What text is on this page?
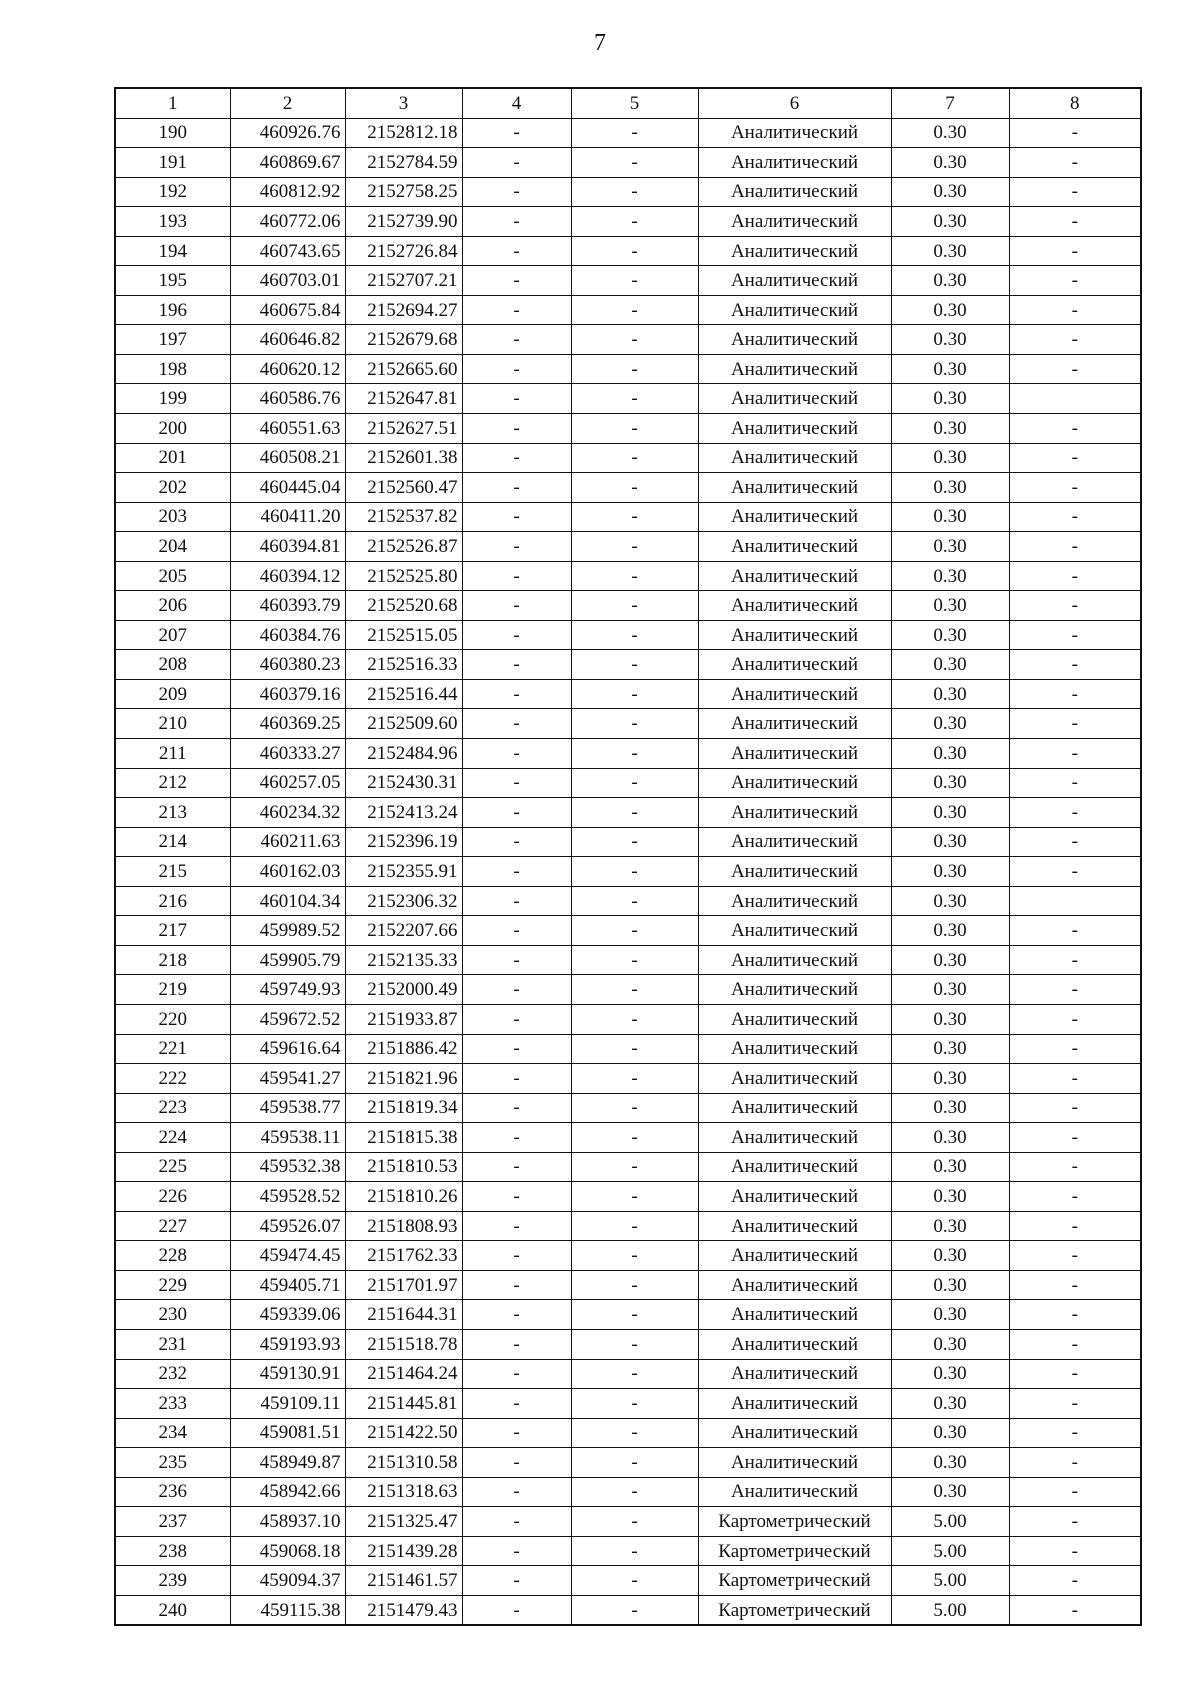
7
1	2	3	4	5	6	7	8
190	460926.76	2152812.18	-	-	Аналитический	0.30	-
191	460869.67	2152784.59	-	-	Аналитический	0.30	-
192	460812.92	2152758.25	-	-	Аналитический	0.30	-
193	460772.06	2152739.90	-	-	Аналитический	0.30	-
194	460743.65	2152726.84	-	-	Аналитический	0.30	-
195	460703.01	2152707.21	-	-	Аналитический	0.30	-
196	460675.84	2152694.27	-	-	Аналитический	0.30	-
197	460646.82	2152679.68	-	-	Аналитический	0.30	-
198	460620.12	2152665.60	-	-	Аналитический	0.30	-
199	460586.76	2152647.81	-	-	Аналитический	0.30	
200	460551.63	2152627.51	-	-	Аналитический	0.30	-
201	460508.21	2152601.38	-	-	Аналитический	0.30	-
202	460445.04	2152560.47	-	-	Аналитический	0.30	-
203	460411.20	2152537.82	-	-	Аналитический	0.30	-
204	460394.81	2152526.87	-	-	Аналитический	0.30	-
205	460394.12	2152525.80	-	-	Аналитический	0.30	-
206	460393.79	2152520.68	-	-	Аналитический	0.30	-
207	460384.76	2152515.05	-	-	Аналитический	0.30	-
208	460380.23	2152516.33	-	-	Аналитический	0.30	-
209	460379.16	2152516.44	-	-	Аналитический	0.30	-
210	460369.25	2152509.60	-	-	Аналитический	0.30	-
211	460333.27	2152484.96	-	-	Аналитический	0.30	-
212	460257.05	2152430.31	-	-	Аналитический	0.30	-
213	460234.32	2152413.24	-	-	Аналитический	0.30	-
214	460211.63	2152396.19	-	-	Аналитический	0.30	-
215	460162.03	2152355.91	-	-	Аналитический	0.30	-
216	460104.34	2152306.32	-	-	Аналитический	0.30	
217	459989.52	2152207.66	-	-	Аналитический	0.30	-
218	459905.79	2152135.33	-	-	Аналитический	0.30	-
219	459749.93	2152000.49	-	-	Аналитический	0.30	-
220	459672.52	2151933.87	-	-	Аналитический	0.30	-
221	459616.64	2151886.42	-	-	Аналитический	0.30	-
222	459541.27	2151821.96	-	-	Аналитический	0.30	-
223	459538.77	2151819.34	-	-	Аналитический	0.30	-
224	459538.11	2151815.38	-	-	Аналитический	0.30	-
225	459532.38	2151810.53	-	-	Аналитический	0.30	-
226	459528.52	2151810.26	-	-	Аналитический	0.30	-
227	459526.07	2151808.93	-	-	Аналитический	0.30	-
228	459474.45	2151762.33	-	-	Аналитический	0.30	-
229	459405.71	2151701.97	-	-	Аналитический	0.30	-
230	459339.06	2151644.31	-	-	Аналитический	0.30	-
231	459193.93	2151518.78	-	-	Аналитический	0.30	-
232	459130.91	2151464.24	-	-	Аналитический	0.30	-
233	459109.11	2151445.81	-	-	Аналитический	0.30	-
234	459081.51	2151422.50	-	-	Аналитический	0.30	-
235	458949.87	2151310.58	-	-	Аналитический	0.30	-
236	458942.66	2151318.63	-	-	Аналитический	0.30	-
237	458937.10	2151325.47	-	-	Картометрический	5.00	-
238	459068.18	2151439.28	-	-	Картометрический	5.00	-
239	459094.37	2151461.57	-	-	Картометрический	5.00	-
240	459115.38	2151479.43	-	-	Картометрический	5.00	-
